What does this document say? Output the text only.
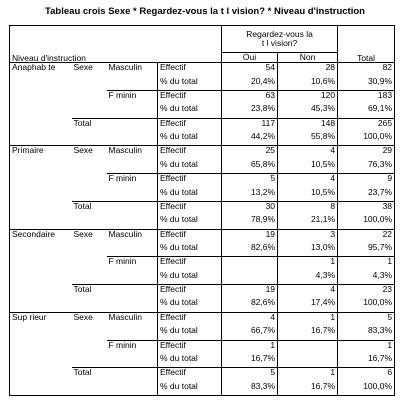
Tableau crois Sexe * Regardez-vous la t l vision? * Niveau d'instruction
Niveau d'instruction				Regardez-vous la
t l vision?		Total
				Oui	Non	
Anaphab te	Sexe	Masculin	Effectif	54	28	82
			% du total	20,4%	10,6%	30,9%
		F minin	Effectif	63	120	183
			% du total	23,8%	45,3%	69,1%
	Total		Effectif	117	148	265
			% du total	44,2%	55,8%	100,0%
Primaire	Sexe	Masculin	Effectif	25	4	29
			% du total	65,8%	10,5%	76,3%
		F minin	Effectif	5	4	9
			% du total	13,2%	10,5%	23,7%
	Total		Effectif	30	8	38
			% du total	78,9%	21,1%	100,0%
Secondaire	Sexe	Masculin	Effectif	19	3	22
			% du total	82,6%	13,0%	95,7%
		F minin	Effectif		1	1
			% du total		4,3%	4,3%
	Total		Effectif	19	4	23
			% du total	82,6%	17,4%	100,0%
Sup rieur	Sexe	Masculin	Effectif	4	1	5
			% du total	66,7%	16,7%	83,3%
		F minin	Effectif	1		1
			% du total	16,7%		16,7%
	Total		Effectif	5	1	6
			% du total	83,3%	16,7%	100,0%
